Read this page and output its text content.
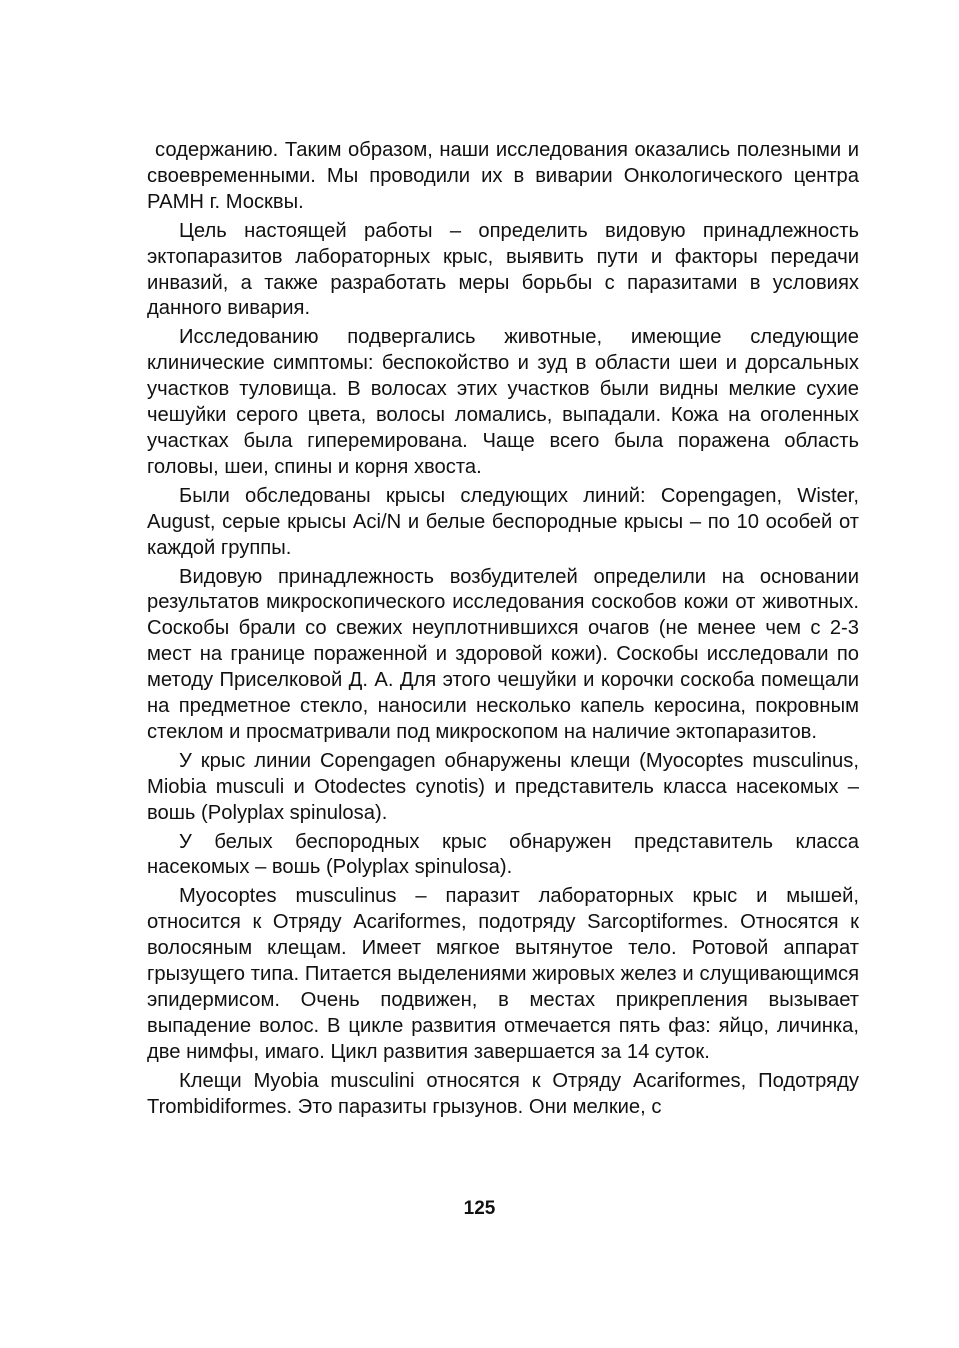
содержанию. Таким образом, наши исследования оказались полезными и своевременными. Мы проводили их в виварии Онкологического центра РАМН г. Москвы.

Цель настоящей работы – определить видовую принадлежность эктопаразитов лабораторных крыс, выявить пути и факторы передачи инвазий, а также разработать меры борьбы с паразитами в условиях данного вивария.

Исследованию подвергались животные, имеющие следующие клинические симптомы: беспокойство и зуд в области шеи и дорсальных участков туловища. В волосах этих участков были видны мелкие сухие чешуйки серого цвета, волосы ломались, выпадали. Кожа на оголенных участках была гиперемирована. Чаще всего была поражена область головы, шеи, спины и корня хвоста.

Были обследованы крысы следующих линий: Copengagen, Wister, August, серые крысы Aci/N и белые беспородные крысы – по 10 особей от каждой группы.

Видовую принадлежность возбудителей определили на основании результатов микроскопического исследования соскобов кожи от животных. Соскобы брали со свежих неуплотнившихся очагов (не менее чем с 2-3 мест на границе пораженной и здоровой кожи). Соскобы исследовали по методу Приселковой Д. А. Для этого чешуйки и корочки соскоба помещали на предметное стекло, наносили несколько капель керосина, покровным стеклом и просматривали под микроскопом на наличие эктопаразитов.

У крыс линии Copengagen обнаружены клещи (Myocoptes musculinus, Miobia musculi и Otodectes cynotis) и представитель класса насекомых – вошь (Polyplax spinulosa).

У белых беспородных крыс обнаружен представитель класса насекомых – вошь (Polyplax spinulosa).

Myocoptes musculinus – паразит лабораторных крыс и мышей, относится к Отряду Acariformes, подотряду Sarcoptiformes. Относятся к волосяным клещам. Имеет мягкое вытянутое тело. Ротовой аппарат грызущего типа. Питается выделениями жировых желез и слущивающимся эпидермисом. Очень подвижен, в местах прикрепления вызывает выпадение волос. В цикле развития отмечается пять фаз: яйцо, личинка, две нимфы, имаго. Цикл развития завершается за 14 суток.

Клещи Myobia musculini относятся к Отряду Acariformes, Подотряду Trombidiformes. Это паразиты грызунов. Они мелкие, с

125
